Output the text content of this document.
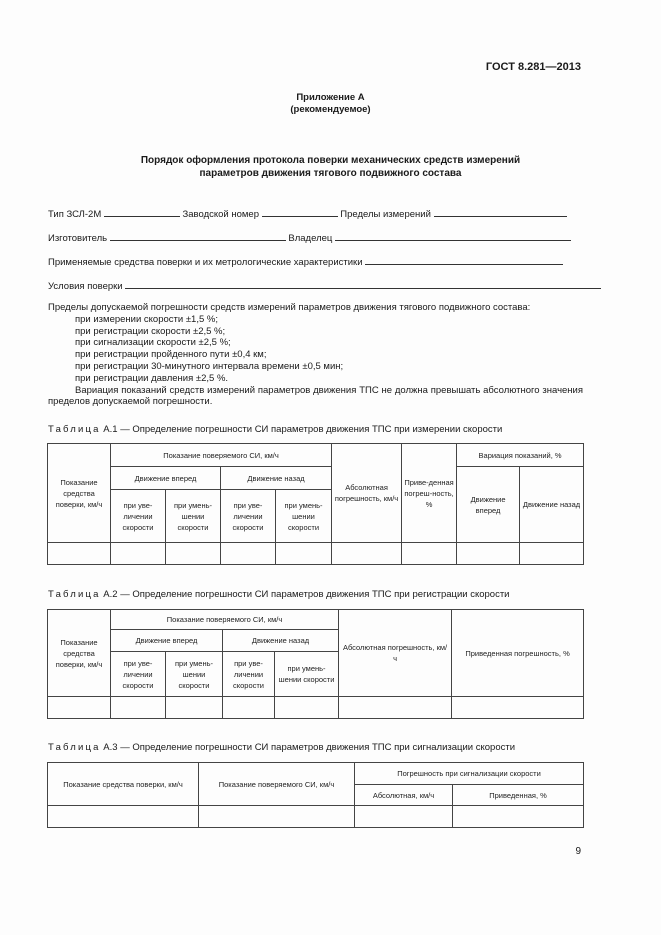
ГОСТ 8.281—2013
Приложение А
(рекомендуемое)
Порядок оформления протокола поверки механических средств измерений
параметров движения тягового подвижного состава
Тип ЗСЛ-2М	Заводской номер	Пределы измерений
Изготовитель	Владелец
Применяемые средства поверки и их метрологические характеристики
Условия поверки
Пределы допускаемой погрешности средств измерений параметров движения тягового подвижного состава:
при измерении скорости ±1,5 %;
при регистрации скорости ±2,5 %;
при сигнализации скорости ±2,5 %;
при регистрации пройденного пути ±0,4 км;
при регистрации 30-минутного интервала времени ±0,5 мин;
при регистрации давления ±2,5 %.
Вариация показаний средств измерений параметров движения ТПС не должна превышать абсолютного значения пределов допускаемой погрешности.
Таблица А.1 — Определение погрешности СИ параметров движения ТПС при измерении скорости
Показание средства поверки, км/ч	Показание поверяемого СИ, км/ч				Абсолютная погрешность, км/ч	Приве-денная погреш-ность, %	Вариация показаний, %	
	Движение вперед		Движение назад				Движение вперед	Движение назад
	при уве-личении скорости	при умень-шении скорости	при уве-личении скорости	при умень-шении скорости				

Таблица А.2 — Определение погрешности СИ параметров движения ТПС при регистрации скорости
Показание средства поверки, км/ч	Показание поверяемого СИ, км/ч				Абсолютная погрешность, км/ч	Приведенная погрешность, %
	Движение вперед		Движение назад			
	при уве-личении скорости	при умень-шении скорости	при уве-личении скорости	при умень-шении скорости		

Таблица А.3 — Определение погрешности СИ параметров движения ТПС при сигнализации скорости
Показание средства поверки, км/ч	Показание поверяемого СИ, км/ч	Погрешность при сигнализации скорости	
		Абсолютная, км/ч	Приведенная, %

9
